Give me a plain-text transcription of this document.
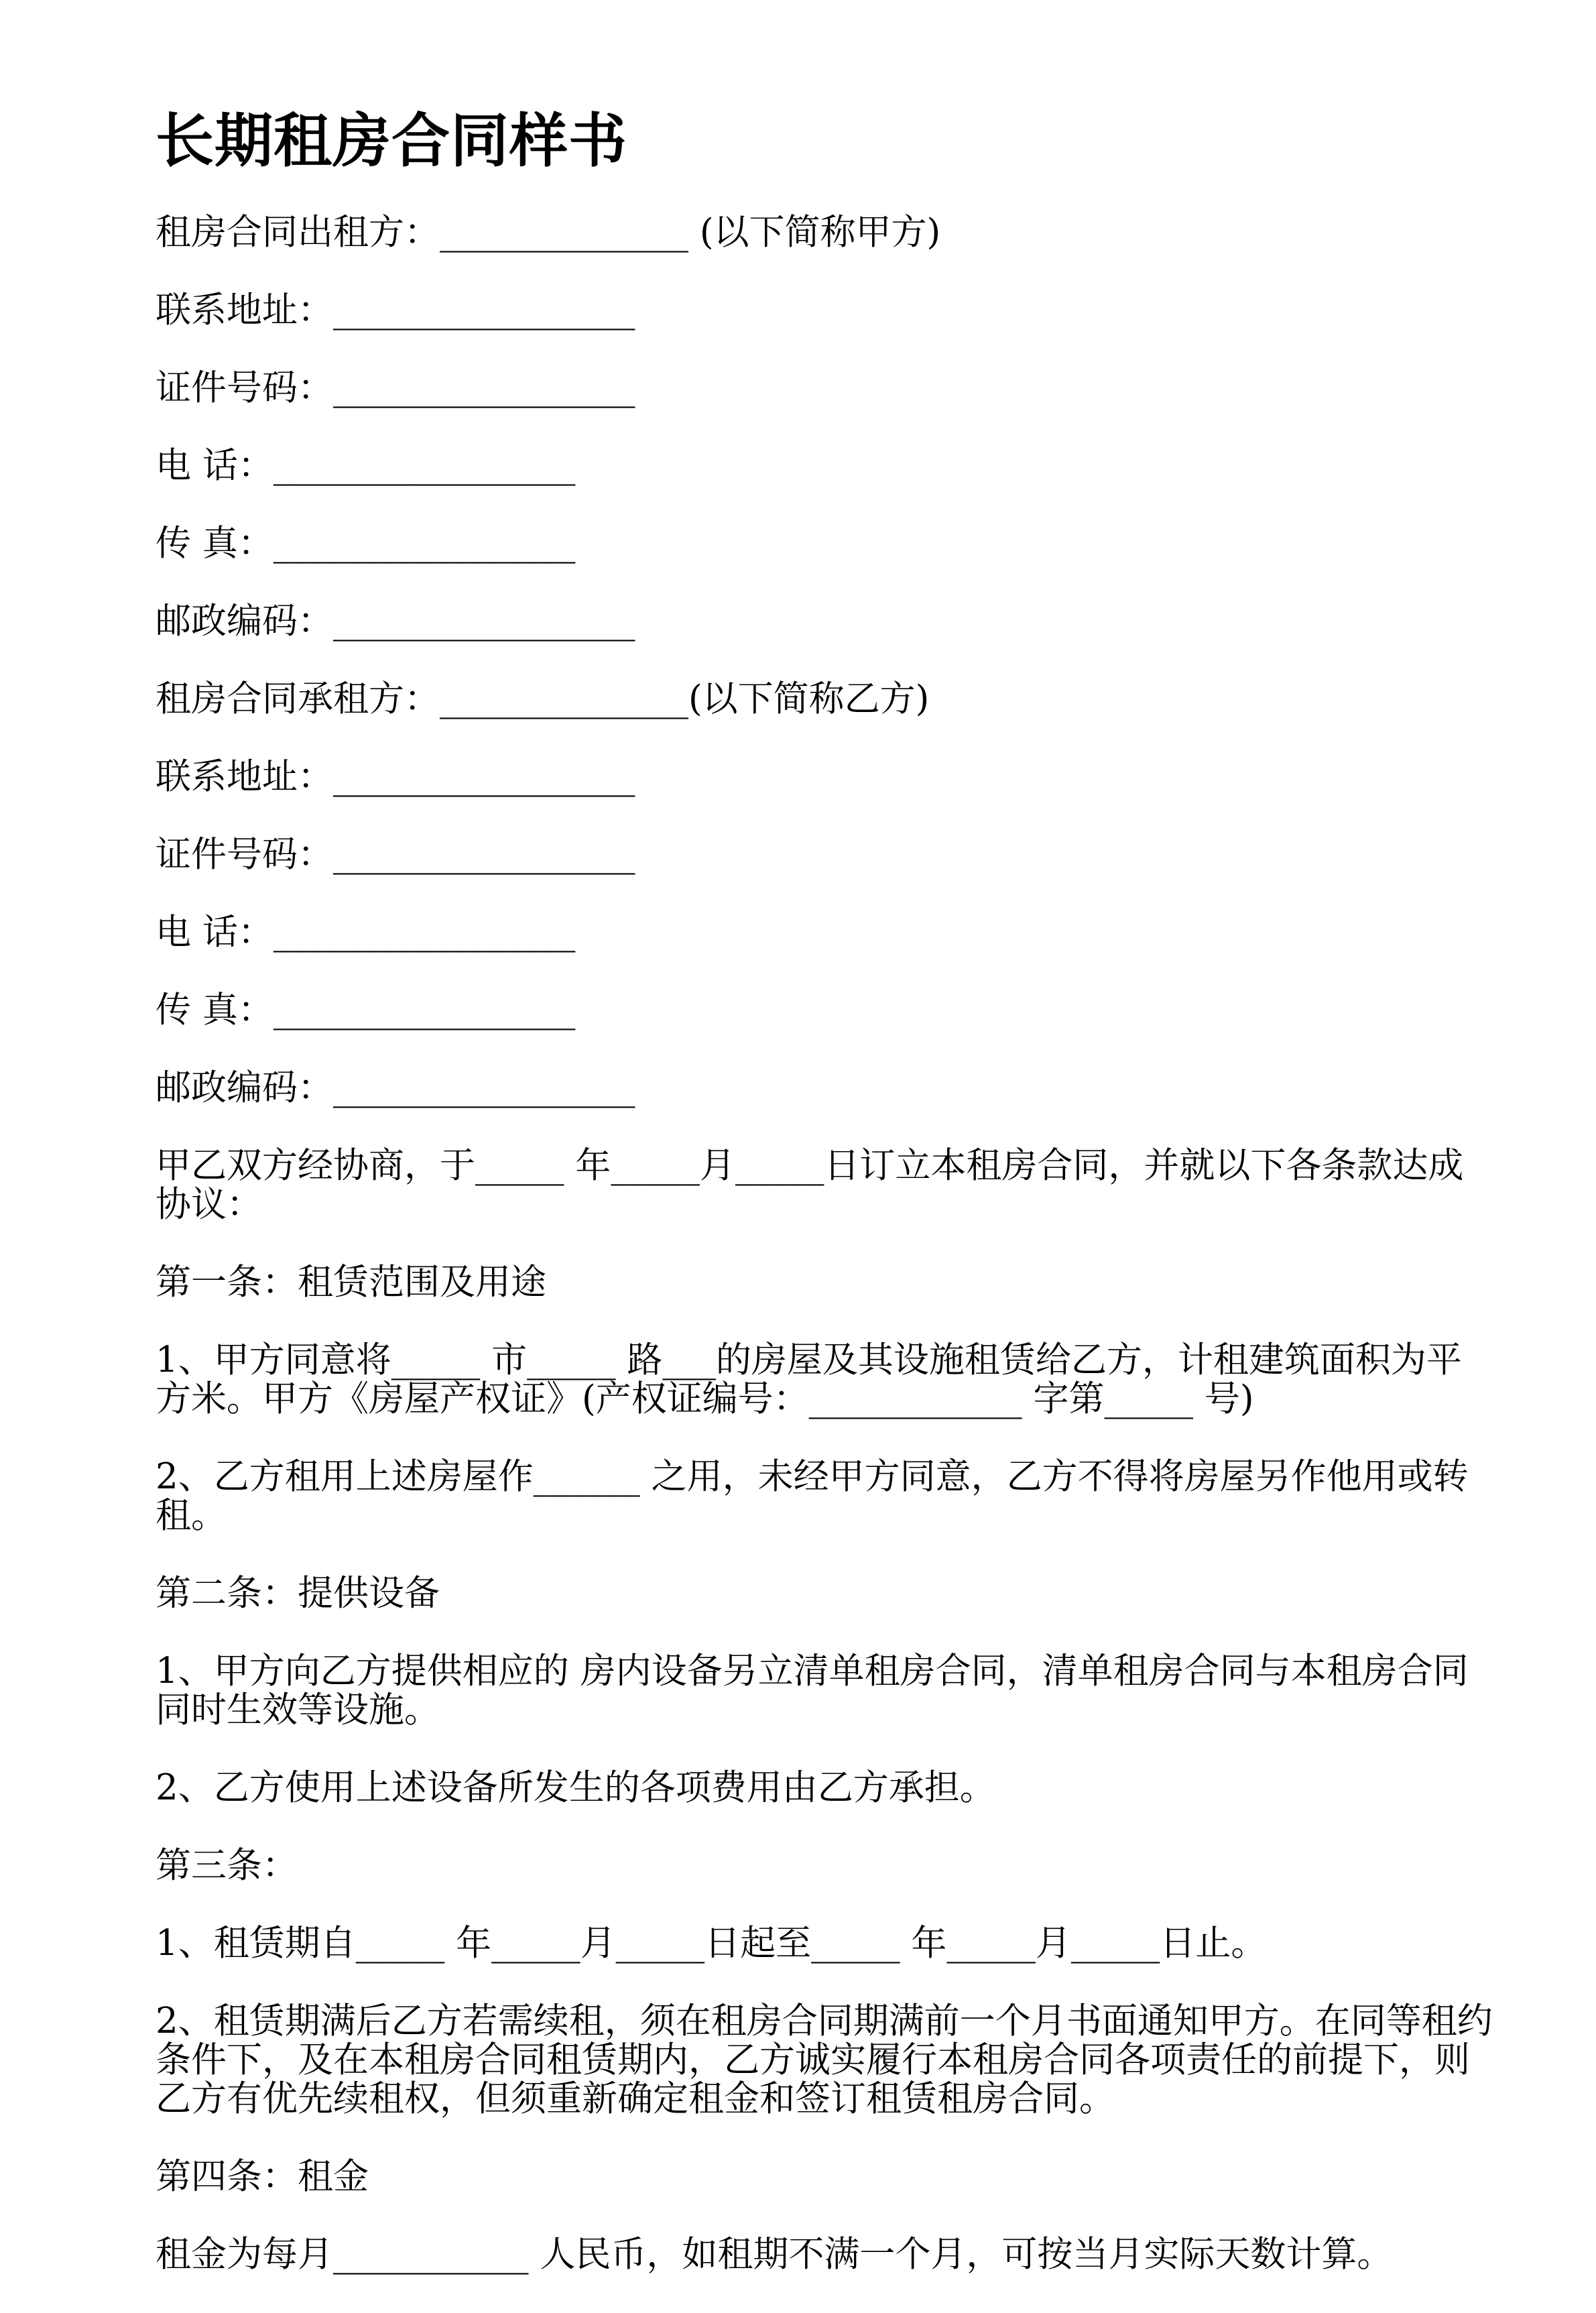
长期租房合同样书

租房合同出租方：______________ (以下简称甲方)

联系地址：_________________

证件号码：_________________

电 话：_________________

传 真：_________________

邮政编码：_________________

租房合同承租方：______________(以下简称乙方)

联系地址：_________________

证件号码：_________________

电 话：_________________

传 真：_________________

邮政编码：_________________

甲乙双方经协商，于_____ 年_____月_____日订立本租房合同，并就以下各条款达成协议：

第一条：租赁范围及用途

1、甲方同意将_____ 市_____ 路___的房屋及其设施租赁给乙方，计租建筑面积为平方米。甲方《房屋产权证》(产权证编号：____________ 字第_____ 号)

2、乙方租用上述房屋作______ 之用，未经甲方同意，乙方不得将房屋另作他用或转租。

第二条：提供设备

1、甲方向乙方提供相应的 房内设备另立清单租房合同，清单租房合同与本租房合同同时生效等设施。

2、乙方使用上述设备所发生的各项费用由乙方承担。

第三条：

1、租赁期自_____ 年_____月_____日起至_____ 年_____月_____日止。

2、租赁期满后乙方若需续租，须在租房合同期满前一个月书面通知甲方。在同等租约条件下，及在本租房合同租赁期内，乙方诚实履行本租房合同各项责任的前提下，则乙方有优先续租权，但须重新确定租金和签订租赁租房合同。

第四条：租金

租金为每月___________ 人民币，如租期不满一个月，可按当月实际天数计算。
